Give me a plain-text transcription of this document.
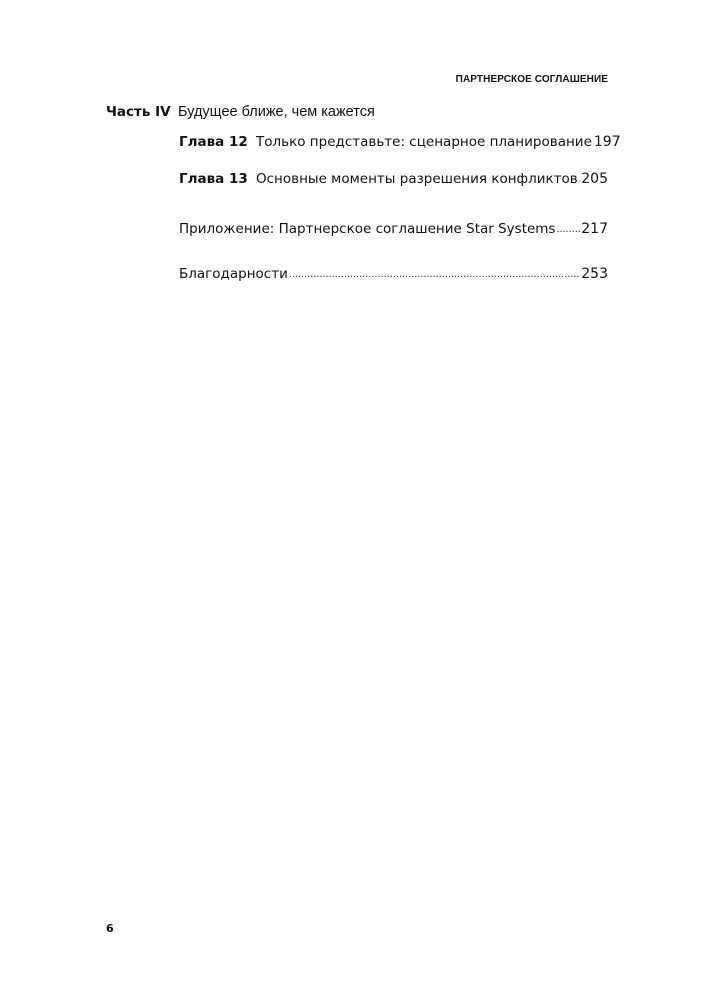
ПАРТНЕРСКОЕ СОГЛАШЕНИЕ
Часть IV Будущее ближе, чем кажется
Глава 12 Только представьте: сценарное планирование 197
Глава 13 Основные моменты разрешения конфликтов ..... 205
Приложение: Партнерское соглашение Star Systems ..... 217
Благодарности .....	253
6
